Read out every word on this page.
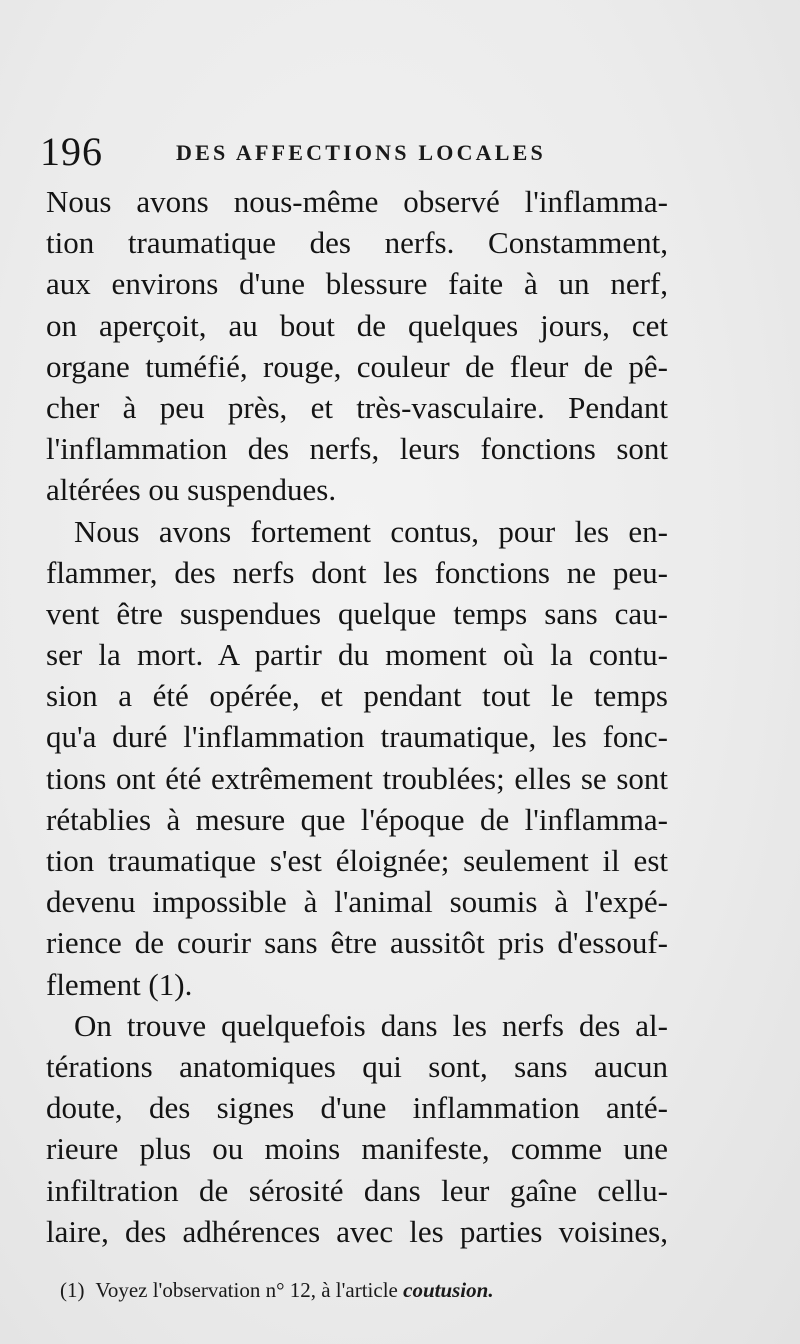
196	DES AFFECTIONS LOCALES
Nous avons nous-même observé l'inflamma-
tion traumatique des nerfs. Constamment,
aux environs d'une blessure faite à un nerf,
on aperçoit, au bout de quelques jours, cet
organe tuméfié, rouge, couleur de fleur de pê-
cher à peu près, et très-vasculaire. Pendant
l'inflammation des nerfs, leurs fonctions sont
altérées ou suspendues.
Nous avons fortement contus, pour les en-
flammer, des nerfs dont les fonctions ne peu-
vent être suspendues quelque temps sans cau-
ser la mort. A partir du moment où la contu-
sion a été opérée, et pendant tout le temps
qu'a duré l'inflammation traumatique, les fonc-
tions ont été extrêmement troublées; elles se sont
rétablies à mesure que l'époque de l'inflamma-
tion traumatique s'est éloignée; seulement il est
devenu impossible à l'animal soumis à l'expé-
rience de courir sans être aussitôt pris d'essouf-
flement (1).
On trouve quelquefois dans les nerfs des al-
térations anatomiques qui sont, sans aucun
doute, des signes d'une inflammation anté-
rieure plus ou moins manifeste, comme une
infiltration de sérosité dans leur gaîne cellu-
laire, des adhérences avec les parties voisines,
(1) Voyez l'observation n° 12, à l'article coutusion.
